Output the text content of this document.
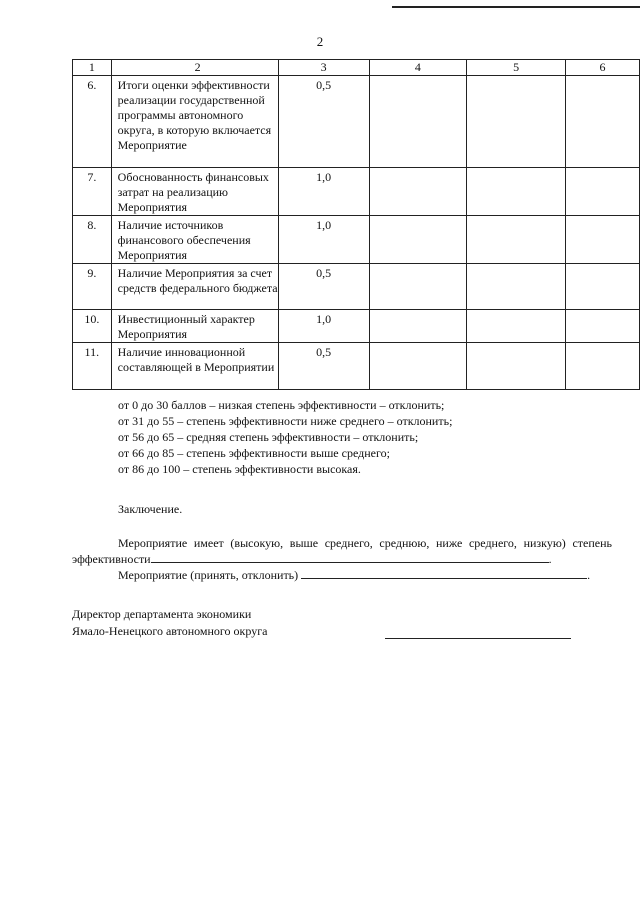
2
1	2	3	4	5	6
6.	Итоги оценки эффективности реализации государственной программы автономного округа, в которую включается Мероприятие	0,5			
7.	Обоснованность финансовых затрат на реализацию Мероприятия	1,0			
8.	Наличие источников финансового обеспечения Мероприятия	1,0			
9.	Наличие Мероприятия за счет средств федерального бюджета	0,5			
10.	Инвестиционный характер Мероприятия	1,0			
11.	Наличие инновационной составляющей в Мероприятии	0,5			
от 0 до 30 баллов – низкая степень эффективности – отклонить;
от 31 до 55 – степень эффективности ниже среднего – отклонить;
от 56 до 65 – средняя степень эффективности – отклонить;
от 66 до 85 – степень эффективности выше среднего;
от 86 до 100 – степень эффективности высокая.
Заключение.
Мероприятие имеет (высокую, выше среднего, среднюю, ниже среднего, низкую) степень эффективности	.
Мероприятие (принять, отклонить)	.
Директор департамента экономики
Ямало-Ненецкого автономного округа
